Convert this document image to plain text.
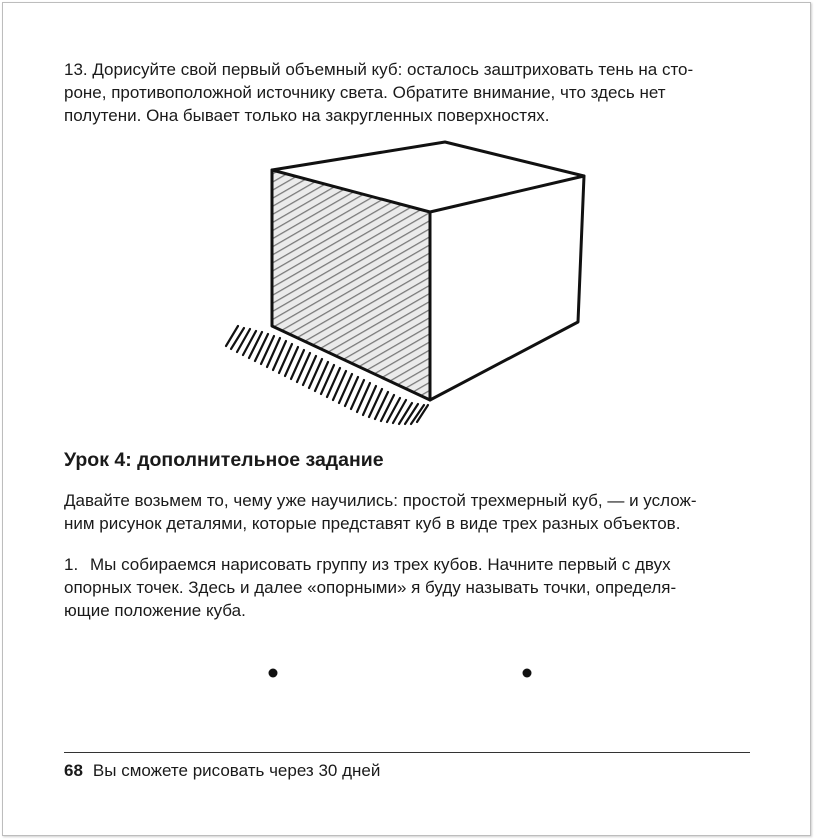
13. Дорисуйте свой первый объемный куб: осталось заштриховать тень на сто-
роне, противоположной источнику света. Обратите внимание, что здесь нет
полутени. Она бывает только на закругленных поверхностях.

Урок 4: дополнительное задание

Давайте возьмем то, чему уже научились: простой трехмерный куб, — и услож-
ним рисунок деталями, которые представят куб в виде трех разных объектов.

1. Мы собираемся нарисовать группу из трех кубов. Начните первый с двух
опорных точек. Здесь и далее «опорными» я буду называть точки, определя-
ющие положение куба.

68 Вы сможете рисовать через 30 дней
